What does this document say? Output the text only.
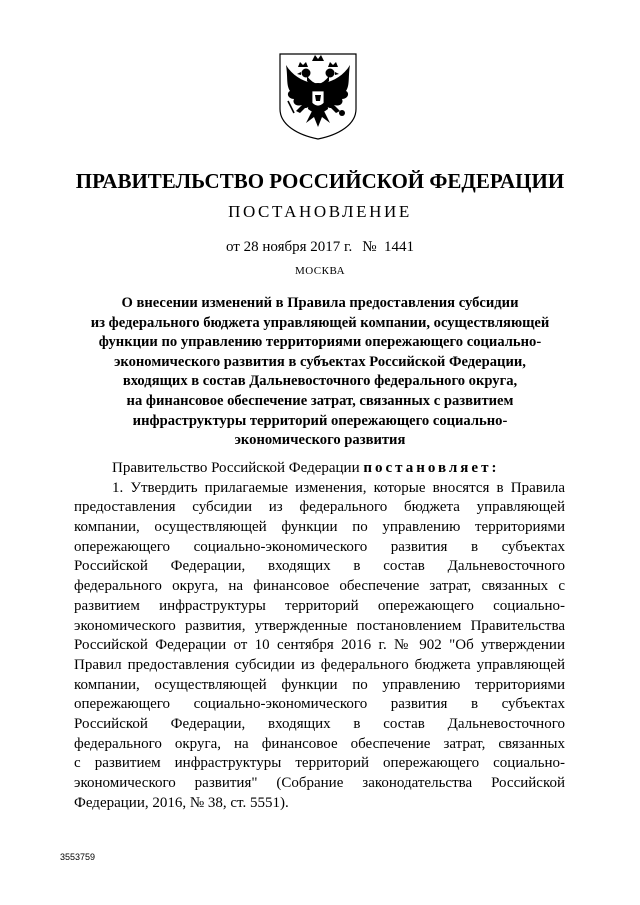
ПРАВИТЕЛЬСТВО РОССИЙСКОЙ ФЕДЕРАЦИИ
ПОСТАНОВЛЕНИЕ
от 28 ноября 2017 г. № 1441
МОСКВА
О внесении изменений в Правила предоставления субсидии
из федерального бюджета управляющей компании, осуществляющей
функции по управлению территориями опережающего социально-
экономического развития в субъектах Российской Федерации,
входящих в состав Дальневосточного федерального округа,
на финансовое обеспечение затрат, связанных с развитием
инфраструктуры территорий опережающего социально-
экономического развития
Правительство Российской Федерации постановляет:
1. Утвердить прилагаемые изменения, которые вносятся в Правила
предоставления субсидии из федерального бюджета управляющей
компании, осуществляющей функции по управлению территориями
опережающего социально-экономического развития в субъектах
Российской Федерации, входящих в состав Дальневосточного
федерального округа, на финансовое обеспечение затрат, связанных с
развитием инфраструктуры территорий опережающего социально-
экономического развития, утвержденные постановлением Правительства
Российской Федерации от 10 сентября 2016 г. № 902 "Об утверждении
Правил предоставления субсидии из федерального бюджета управляющей
компании, осуществляющей функции по управлению территориями
опережающего социально-экономического развития в субъектах
Российской Федерации, входящих в состав Дальневосточного
федерального округа, на финансовое обеспечение затрат, связанных
с развитием инфраструктуры территорий опережающего социально-
экономического развития" (Собрание законодательства Российской
Федерации, 2016, № 38, ст. 5551).
3553759
